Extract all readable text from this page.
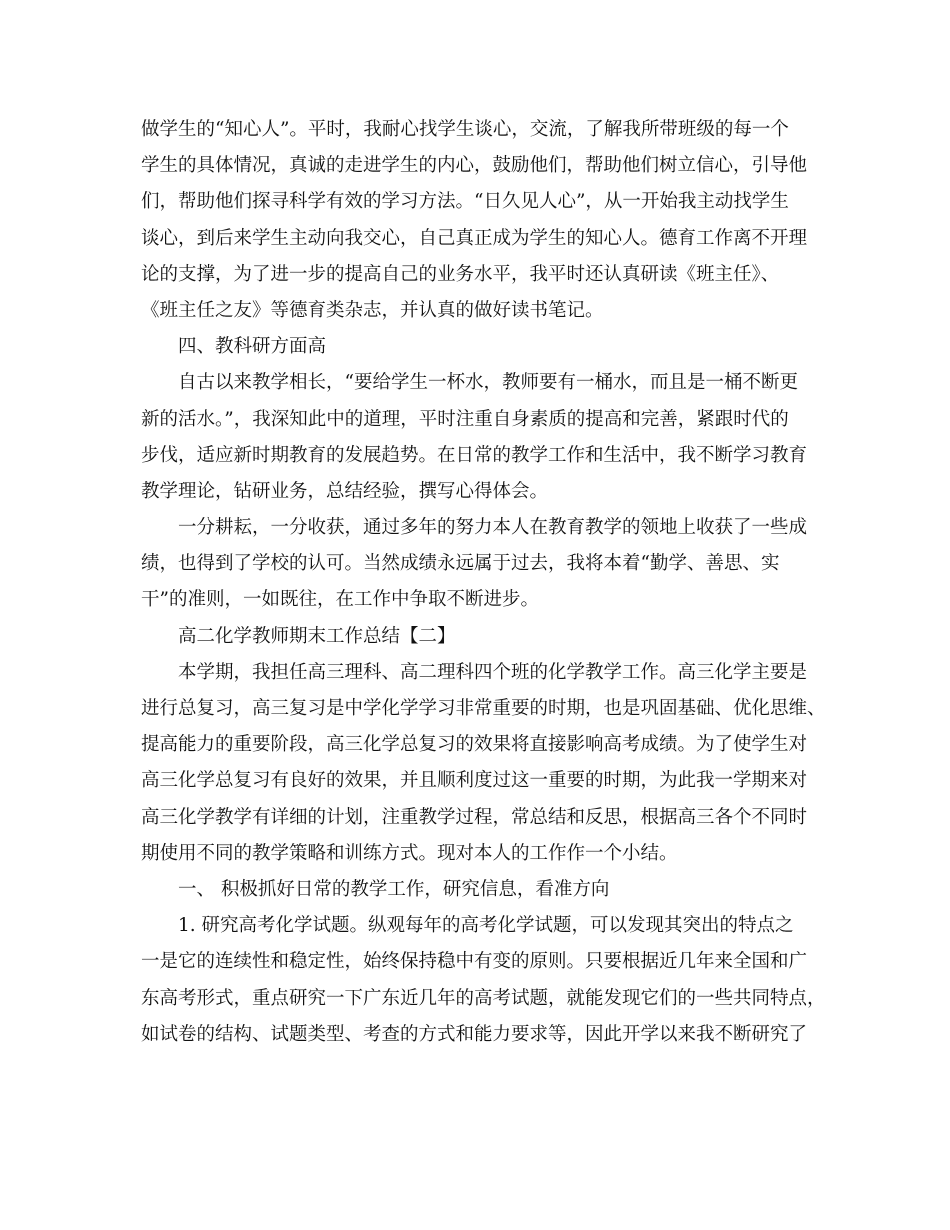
做学生的“知心人”。平时，我耐心找学生谈心，交流，了解我所带班级的每一个
学生的具体情况，真诚的走进学生的内心，鼓励他们，帮助他们树立信心，引导他
们，帮助他们探寻科学有效的学习方法。“日久见人心”，从一开始我主动找学生
谈心，到后来学生主动向我交心，自己真正成为学生的知心人。德育工作离不开理
论的支撑，为了进一步的提高自己的业务水平，我平时还认真研读《班主任》、
《班主任之友》等德育类杂志，并认真的做好读书笔记。
四、教科研方面高
自古以来教学相长，“要给学生一杯水，教师要有一桶水，而且是一桶不断更
新的活水。”，我深知此中的道理，平时注重自身素质的提高和完善，紧跟时代的
步伐，适应新时期教育的发展趋势。在日常的教学工作和生活中，我不断学习教育
教学理论，钻研业务，总结经验，撰写心得体会。
一分耕耘，一分收获，通过多年的努力本人在教育教学的领地上收获了一些成
绩，也得到了学校的认可。当然成绩永远属于过去，我将本着“勤学、善思、实
干”的准则，一如既往，在工作中争取不断进步。
高二化学教师期末工作总结【二】
本学期，我担任高三理科、高二理科四个班的化学教学工作。高三化学主要是
进行总复习，高三复习是中学化学学习非常重要的时期，也是巩固基础、优化思维、
提高能力的重要阶段，高三化学总复习的效果将直接影响高考成绩。为了使学生对
高三化学总复习有良好的效果，并且顺利度过这一重要的时期，为此我一学期来对
高三化学教学有详细的计划，注重教学过程，常总结和反思，根据高三各个不同时
期使用不同的教学策略和训练方式。现对本人的工作作一个小结。
一、 积极抓好日常的教学工作，研究信息，看准方向
1. 研究高考化学试题。纵观每年的高考化学试题，可以发现其突出的特点之
一是它的连续性和稳定性，始终保持稳中有变的原则。只要根据近几年来全国和广
东高考形式，重点研究一下广东近几年的高考试题，就能发现它们的一些共同特点，
如试卷的结构、试题类型、考查的方式和能力要求等，因此开学以来我不断研究了
